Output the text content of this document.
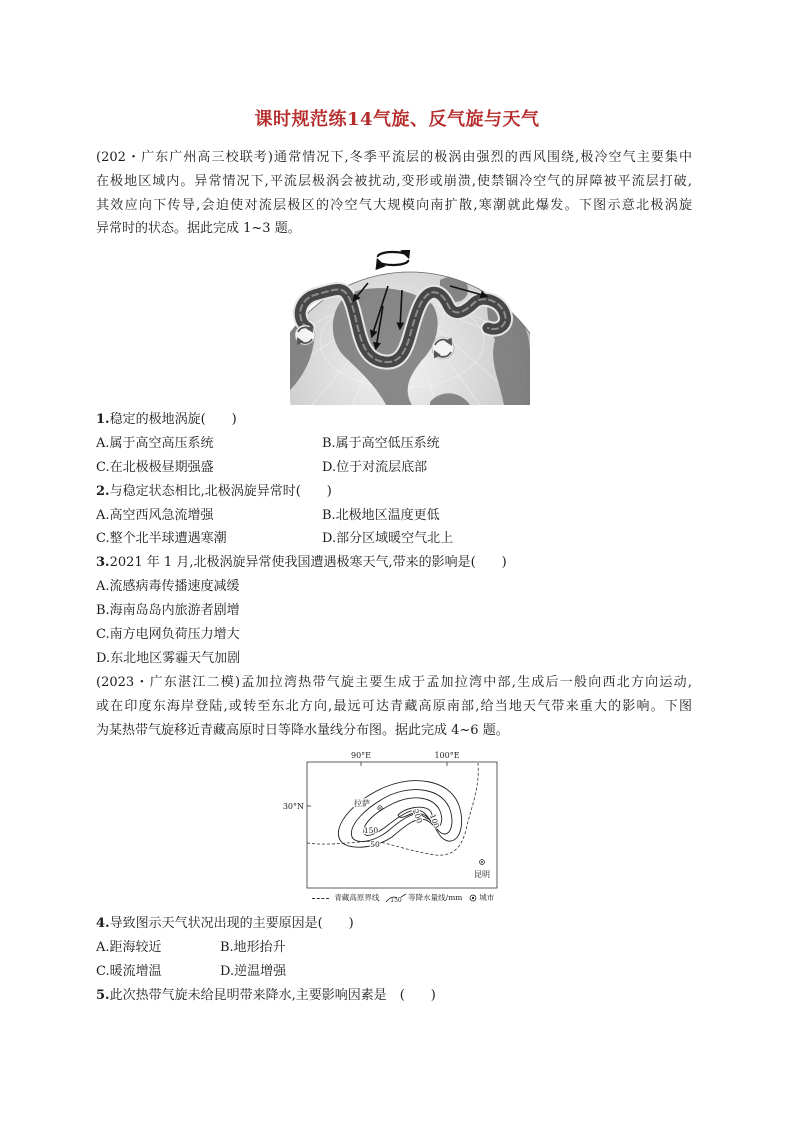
课时规范练14气旋、反气旋与天气
(202・广东广州高三校联考)通常情况下,冬季平流层的极涡由强烈的西风围绕,极冷空气主要集中
在极地区域内。异常情况下,平流层极涡会被扰动,变形或崩溃,使禁锢冷空气的屏障被平流层打破,
其效应向下传导,会迫使对流层极区的冷空气大规模向南扩散,寒潮就此爆发。下图示意北极涡旋
异常时的状态。据此完成 1~3 题。
1.稳定的极地涡旋(　　)
A.属于高空高压系统	B.属于高空低压系统
C.在北极极昼期强盛	D.位于对流层底部
2.与稳定状态相比,北极涡旋异常时(　　)
A.高空西风急流增强	B.北极地区温度更低
C.整个北半球遭遇寒潮	D.部分区域暖空气北上
3.2021 年 1 月,北极涡旋异常使我国遭遇极寒天气,带来的影响是(　　)
A.流感病毒传播速度减缓
B.海南岛岛内旅游者剧增
C.南方电网负荷压力增大
D.东北地区雾霾天气加剧
(2023・广东湛江二模)孟加拉湾热带气旋主要生成于孟加拉湾中部,生成后一般向西北方向运动,
或在印度东海岸登陆,或转至东北方向,最远可达青藏高原南部,给当地天气带来重大的影响。下图
为某热带气旋移近青藏高原时日等降水量线分布图。据此完成 4~6 题。
90°E	100°E
30°N
50
150
200 100
拉萨
昆明
青藏高原界线 150 等降水量线/mm 城市
4.导致图示天气状况出现的主要原因是(　　)
A.距海较近	B.地形抬升
C.暖流增温	D.逆温增强
5.此次热带气旋未给昆明带来降水,主要影响因素是　(　　)
